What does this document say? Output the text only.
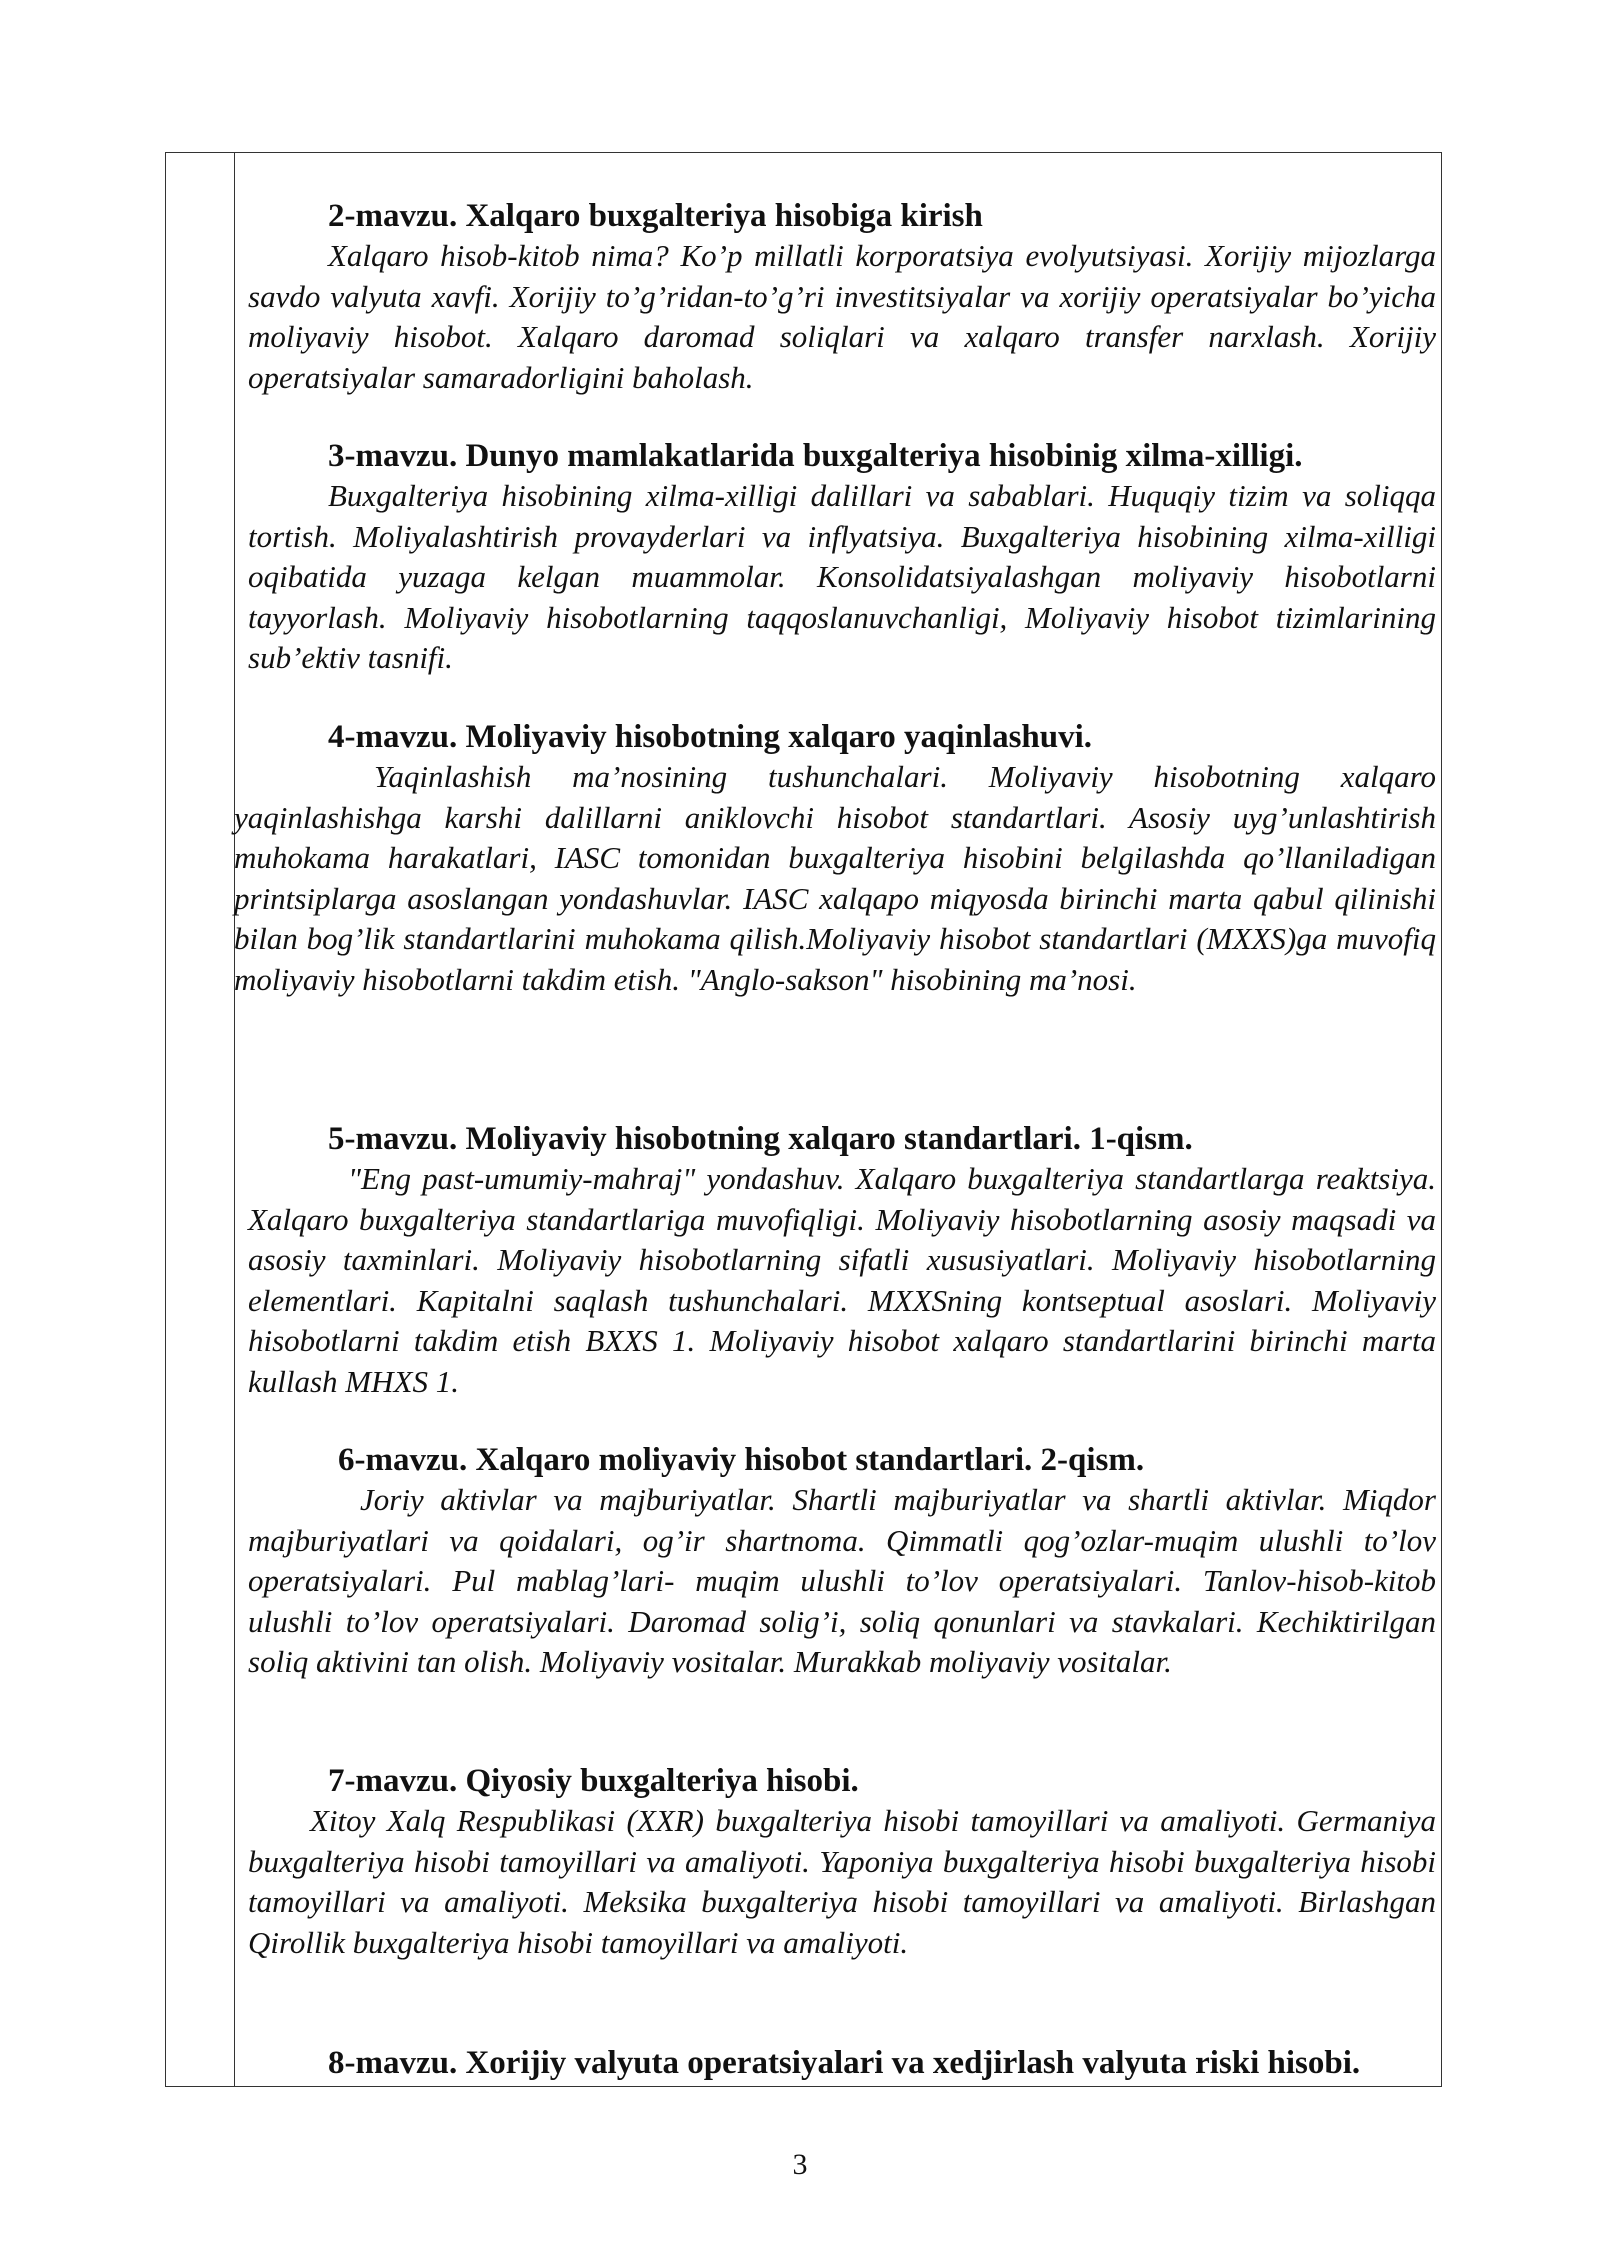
2-mavzu. Xalqaro buxgalteriya hisobiga kirish
Xalqaro hisob-kitob nima? Ko’p millatli korporatsiya evolyutsiyasi. Xorijiy mijozlarga savdo valyuta xavfi. Xorijiy to’g’ridan-to’g’ri investitsiyalar va xorijiy operatsiyalar bo’yicha moliyaviy hisobot. Xalqaro daromad soliqlari va xalqaro transfer narxlash. Xorijiy operatsiyalar samaradorligini baholash.
3-mavzu. Dunyo mamlakatlarida buxgalteriya hisobinig xilma-xilligi.
Buxgalteriya hisobining xilma-xilligi dalillari va sabablari. Huquqiy tizim va soliqqa tortish. Moliyalashtirish provayderlari va inflyatsiya. Buxgalteriya hisobining xilma-xilligi oqibatida yuzaga kelgan muammolar. Konsolidatsiyalashgan moliyaviy hisobotlarni tayyorlash. Moliyaviy hisobotlarning taqqoslanuvchanligi, Moliyaviy hisobot tizimlarining sub’ektiv tasnifi.
4-mavzu. Moliyaviy hisobotning xalqaro yaqinlashuvi.
Yaqinlashish ma’nosining tushunchalari. Moliyaviy hisobotning xalqaro yaqinlashishga karshi dalillarni aniklovchi hisobot standartlari. Asosiy uyg’unlashtirish muhokama harakatlari, IASC tomonidan buxgalteriya hisobini belgilashda qo’llaniladigan printsiplarga asoslangan yondashuvlar. IASC xalqapo miqyosda birinchi marta qabul qilinishi bilan bog’lik standartlarini muhokama qilish.Moliyaviy hisobot standartlari (MXXS)ga muvofiq moliyaviy hisobotlarni takdim etish. "Anglo-sakson" hisobining ma’nosi.
5-mavzu. Moliyaviy hisobotning xalqaro standartlari. 1-qism.
"Eng past-umumiy-mahraj" yondashuv. Xalqaro buxgalteriya standartlarga reaktsiya. Xalqaro buxgalteriya standartlariga muvofiqligi. Moliyaviy hisobotlarning asosiy maqsadi va asosiy taxminlari. Moliyaviy hisobotlarning sifatli xususiyatlari. Moliyaviy hisobotlarning elementlari. Kapitalni saqlash tushunchalari. MXXSning kontseptual asoslari. Moliyaviy hisobotlarni takdim etish BXXS 1. Moliyaviy hisobot xalqaro standartlarini birinchi marta kullash MHXS 1.
6-mavzu. Xalqaro moliyaviy hisobot standartlari. 2-qism.
Joriy aktivlar va majburiyatlar. Shartli majburiyatlar va shartli aktivlar. Miqdor majburiyatlari va qoidalari, og’ir shartnoma. Qimmatli qog’ozlar-muqim ulushli to’lov operatsiyalari. Pul mablag’lari- muqim ulushli to’lov operatsiyalari. Tanlov-hisob-kitob ulushli to’lov operatsiyalari. Daromad solig’i, soliq qonunlari va stavkalari. Kechiktirilgan soliq aktivini tan olish. Moliyaviy vositalar. Murakkab moliyaviy vositalar.
7-mavzu. Qiyosiy buxgalteriya hisobi.
Xitoy Xalq Respublikasi (XXR) buxgalteriya hisobi tamoyillari va amaliyoti. Germaniya buxgalteriya hisobi tamoyillari va amaliyoti. Yaponiya buxgalteriya hisobi buxgalteriya hisobi tamoyillari va amaliyoti. Meksika buxgalteriya hisobi tamoyillari va amaliyoti. Birlashgan Qirollik buxgalteriya hisobi tamoyillari va amaliyoti.
8-mavzu. Xorijiy valyuta operatsiyalari va xedjirlash valyuta riski hisobi.
3
